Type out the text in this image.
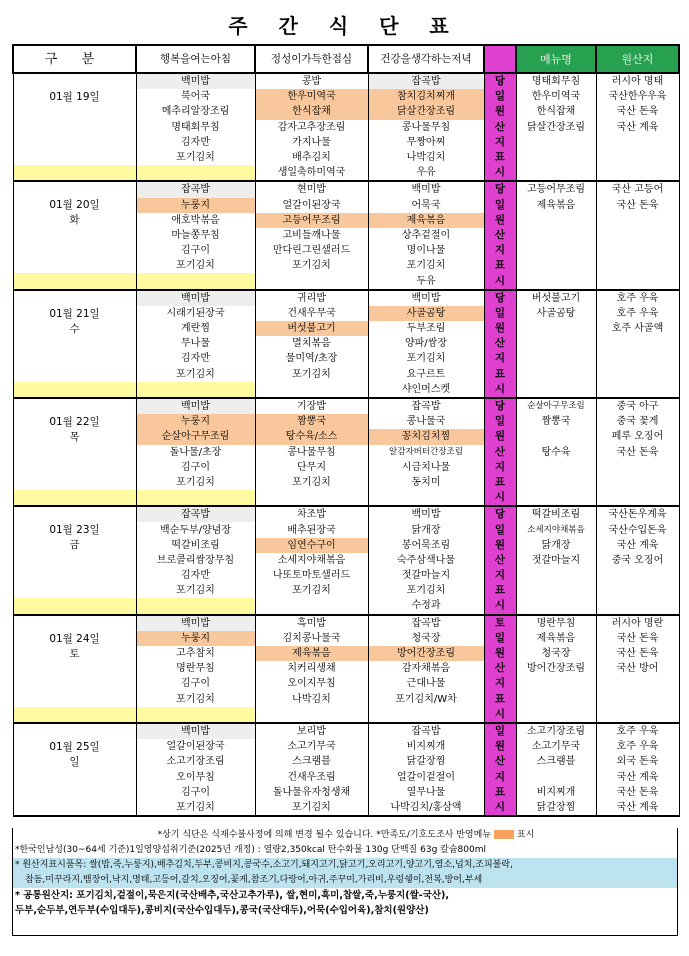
주 간 식 단 표
구 분	행복을여는아침	정성이가득한점심	건강을생각하는저녁		메뉴명	원산지

01월 19일	백미밥	콩밥	잡곡밥	당	명태회무침	러시아 명태
	북어국	한우미역국	참치김치찌개	일	한우미역국	국산한우우육
	메추리알장조림	한식잡채	닭살간장조림	원	한식잡채	국산 돈육
	명태회무침	감자고추장조림	콩나물무침	산	닭살간장조림	국산 계육
	김자반	가지나물	무짱아찌	지		
	포기김치	배추김치	나박김치	표		
		생일축하미역국	우유	시		

01월 20일
화	잡곡밥	현미밥	백미밥	당	고등어무조림	국산 고등어
	누룽지	얼갈이된장국	어묵국	일	제육볶음	국산 돈육
	애호박볶음	고등어무조림	제육볶음	원		
	마늘쫑무침	고비들깨나물	상추겉절이	산		
	김구이	만다린그린샐러드	명이나물	지		
	포기김치	포기김치	포기김치	표		
			두유	시		

01월 21일
수	백미밥	귀리밥	백미밥	당	버섯불고기	호주 우육
	시래기된장국	건새우무국	사골곰탕	일	사골곰탕	호주 우육
	계란찜	버섯불고기	두부조림	원		호주 사골액
	무나물	멸치볶음	양파/쌈장	산		
	김자반	물미역/초장	포기김치	지		
	포기김치	포기김치	요구르트	표		
			샤인머스켓	시		

01월 22일
목	백미밥	기장밥	잡곡밥	당	순살아구무조림	중국 아구
	누룽지	짬뽕국	콩나물국	일	짬뽕국	중국 꽃게
	순살아구무조림	탕수육/소스	꽁치김치찜	원		페루 오징어
	돌나물/초장	콩나물무침	알감자버터간장조림	산	탕수육	국산 돈육
	김구이	단무지	시금치나물	지		
	포기김치	포기김치	동치미	표		
				시		

01월 23일
금	잡곡밥	차조밥	백미밥	당	떡갈비조림	국산돈우계육
	백순두부/양념장	배추된장국	닭개장	일	소세지야채볶음	국산수입돈육
	떡갈비조림	임연수구이	봉어묵조림	원	닭개장	국산 계육
	브로콜리쌈장무침	소세지야채볶음	숙주삼색나물	산	젓갈마늘지	중국 오징어
	김자반	나또토마토샐러드	젓갈마늘지	지		
	포기김치	포기김치	포기김치	표		
			수정과	시		

01월 24일
토	백미밥	흑미밥	잡곡밥	토	명란무침	러시아 명란
	누룽지	김치콩나물국	청국장	일	제육볶음	국산 돈육
	고추참치	제육볶음	방어간장조림	원	청국장	국산 돈육
	명란무침	치커리생채	감자채볶음	산	방어간장조림	국산 방어
	김구이	오이지무침	근대나물	지		
	포기김치	나박김치	포기김치/W차	표		
				시		

01월 25일
일	백미밥	보리밥	잡곡밥	일	소고기장조림	호주 우육
	얼갈이된장국	소고기무국	비지찌개	원	소고기무국	호주 우육
	소고기장조림	스크램블	닭갈장찜	산	스크램블	외국 돈육
	오이무침	건새우조림	얼갈이겉절이	지		국산 계육
	김구이	돌나물유자청생채	열무나물	표	비지찌개	국산 돈육
	포기김치	포기김치	나박김치/홍삼액	시	닭갈장찜	국산 계육
*상기 식단은 식재수불사정에 의해 변경 될수 있습니다. *만족도/기호도조사 반영메뉴	표시
*한국인남성(30~64세 기준)1일영양섭취기준(2025년 개정) : 열량2,350kcal 탄수화물 130g 단백질 63g 칼슘800ml
* 원산지표시품목: 쌀(밥,죽,누룽지),배추김치,두부,콩비지,콩국수,소고기,돼지고기,닭고기,오리고기,양고기,염소,넙치,조피볼락,
참돔,미꾸라지,뱀장어,낙지,명태,고등어,갈치,오징어,꽃게,참조기,다랑어,아귀,주꾸미,가리비,우렁쉥이,전복,방어,부세
* 공통원산지: 포기김치,겉절이,묵은지(국산배추,국산고추가루), 쌀,현미,흑미,찹쌀,죽,누룽지(쌀-국산),
두부,순두부,연두부(수입대두),콩비지(국산수입대두),콩국(국산대두),어묵(수입어육),참치(원양산)
